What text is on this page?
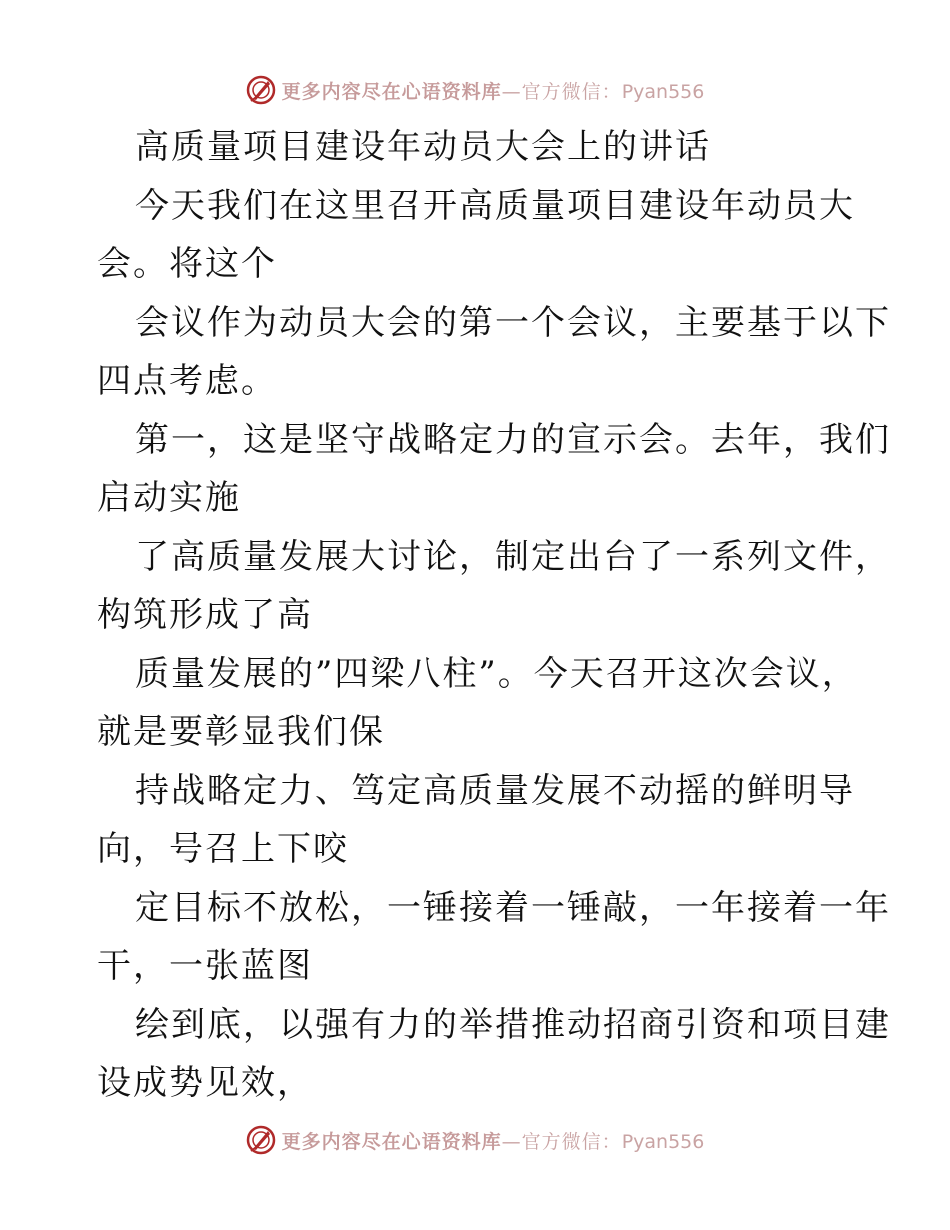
更多内容尽在心语资料库—官方微信：Pyan556
高质量项目建设年动员大会上的讲话
今天我们在这里召开高质量项目建设年动员大
会。将这个
会议作为动员大会的第一个会议，主要基于以下
四点考虑。
第一，这是坚守战略定力的宣示会。去年，我们
启动实施
了高质量发展大讨论，制定出台了一系列文件，
构筑形成了高
质量发展的”四梁八柱”。今天召开这次会议，
就是要彰显我们保
持战略定力、笃定高质量发展不动摇的鲜明导
向，号召上下咬
定目标不放松，一锤接着一锤敲，一年接着一年
干，一张蓝图
绘到底，以强有力的举措推动招商引资和项目建
设成势见效，
更多内容尽在心语资料库—官方微信：Pyan556
